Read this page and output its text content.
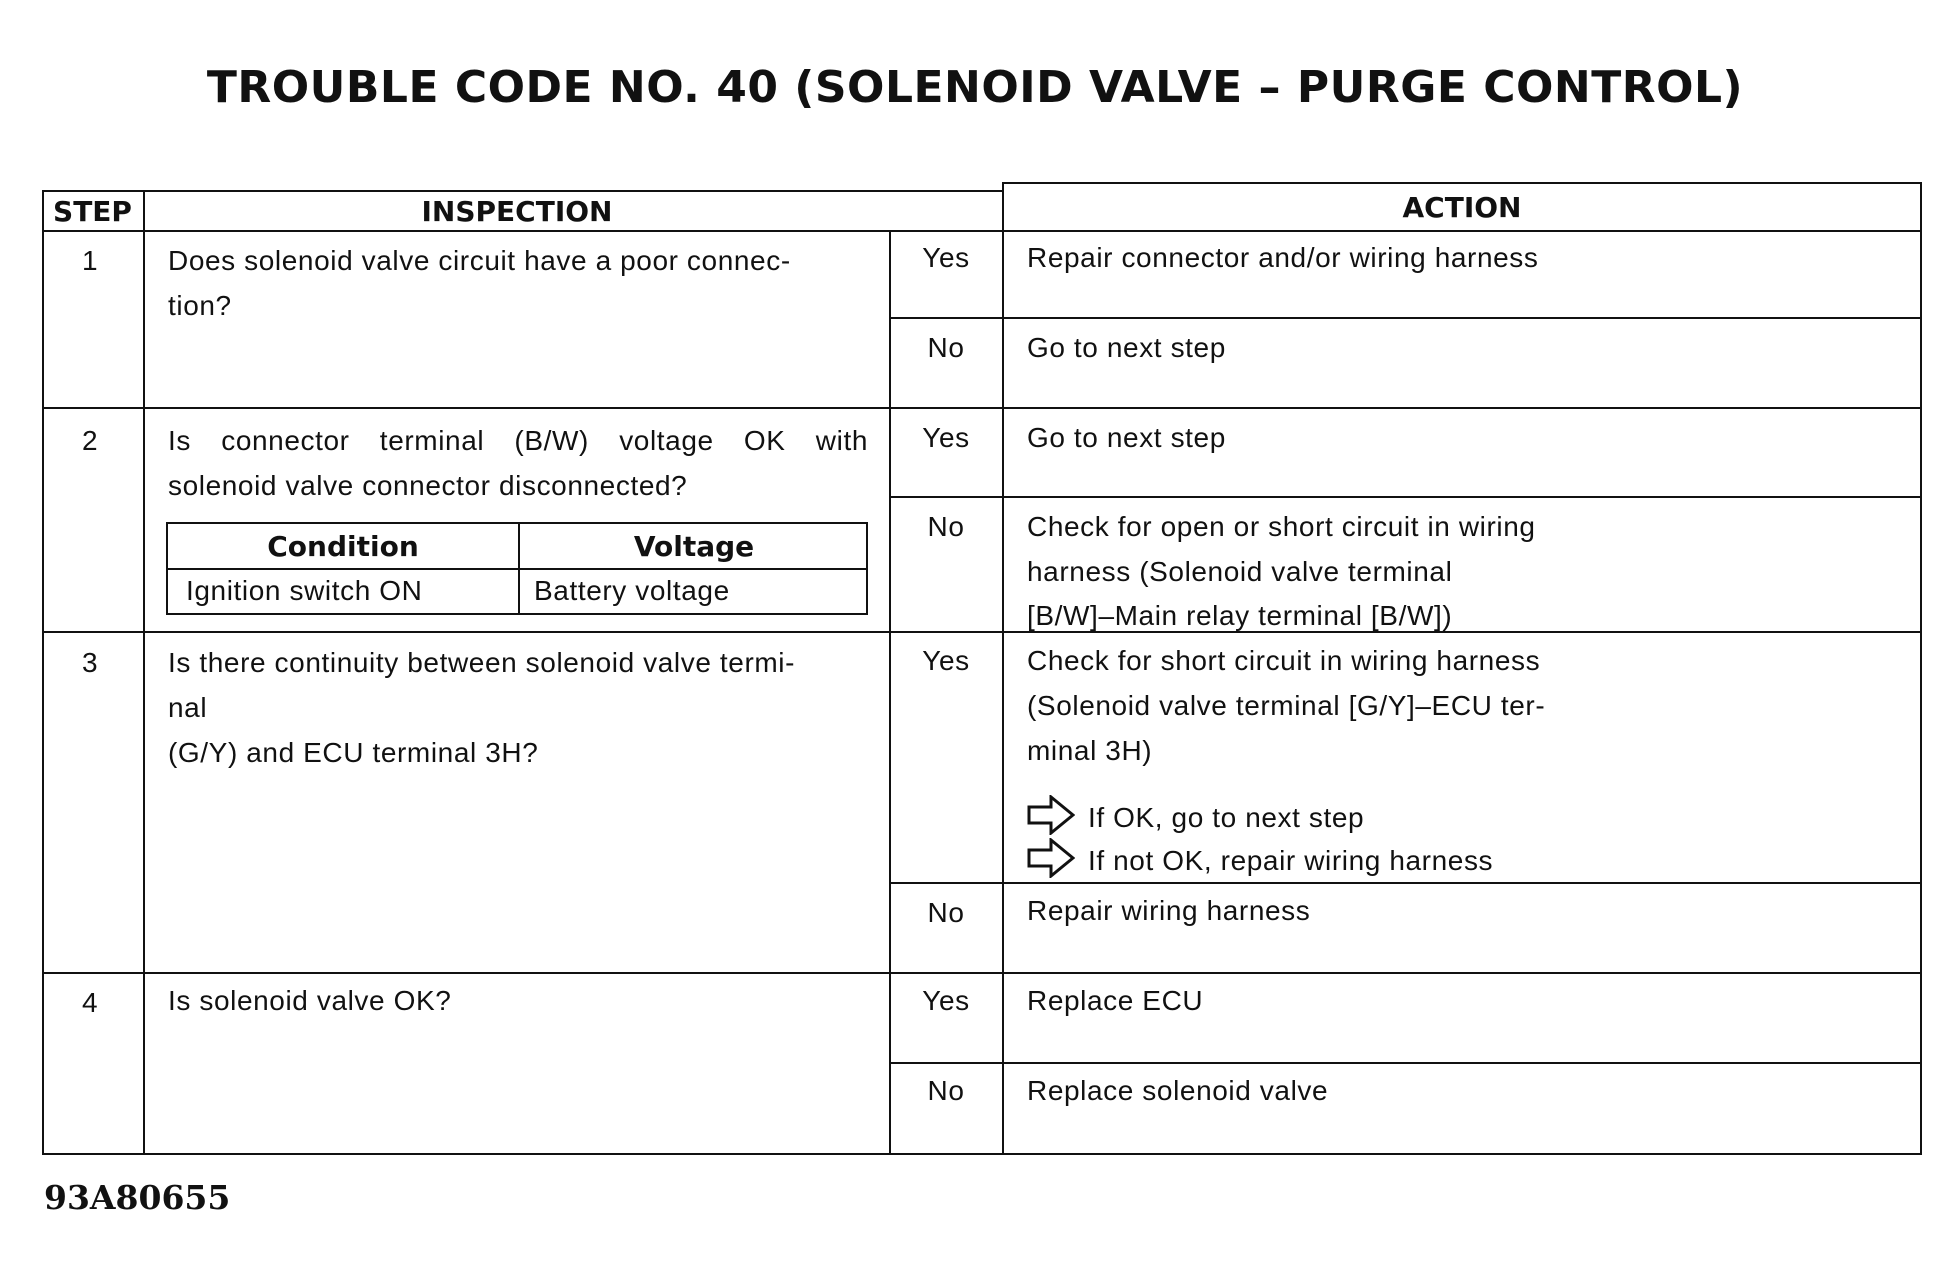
TROUBLE CODE NO. 40 (SOLENOID VALVE – PURGE CONTROL)
STEP	INSPECTION	ACTION
1 Does solenoid valve circuit have a poor connec-
tion?
Yes	Repair connector and/or wiring harness
No	Go to next step
2 Is connector terminal (B/W) voltage OK with
solenoid valve connector disconnected?
Condition	Voltage
Ignition switch ON	Battery voltage
Yes	Go to next step
No	Check for open or short circuit in wiring
harness (Solenoid valve terminal
[B/W]–Main relay terminal [B/W])
3 Is there continuity between solenoid valve termi-
nal
(G/Y) and ECU terminal 3H?
Yes	Check for short circuit in wiring harness
(Solenoid valve terminal [G/Y]–ECU ter-
minal 3H)
If OK, go to next step
If not OK, repair wiring harness
No	Repair wiring harness
4 Is solenoid valve OK?	Yes	Replace ECU
No	Replace solenoid valve
93A80655
